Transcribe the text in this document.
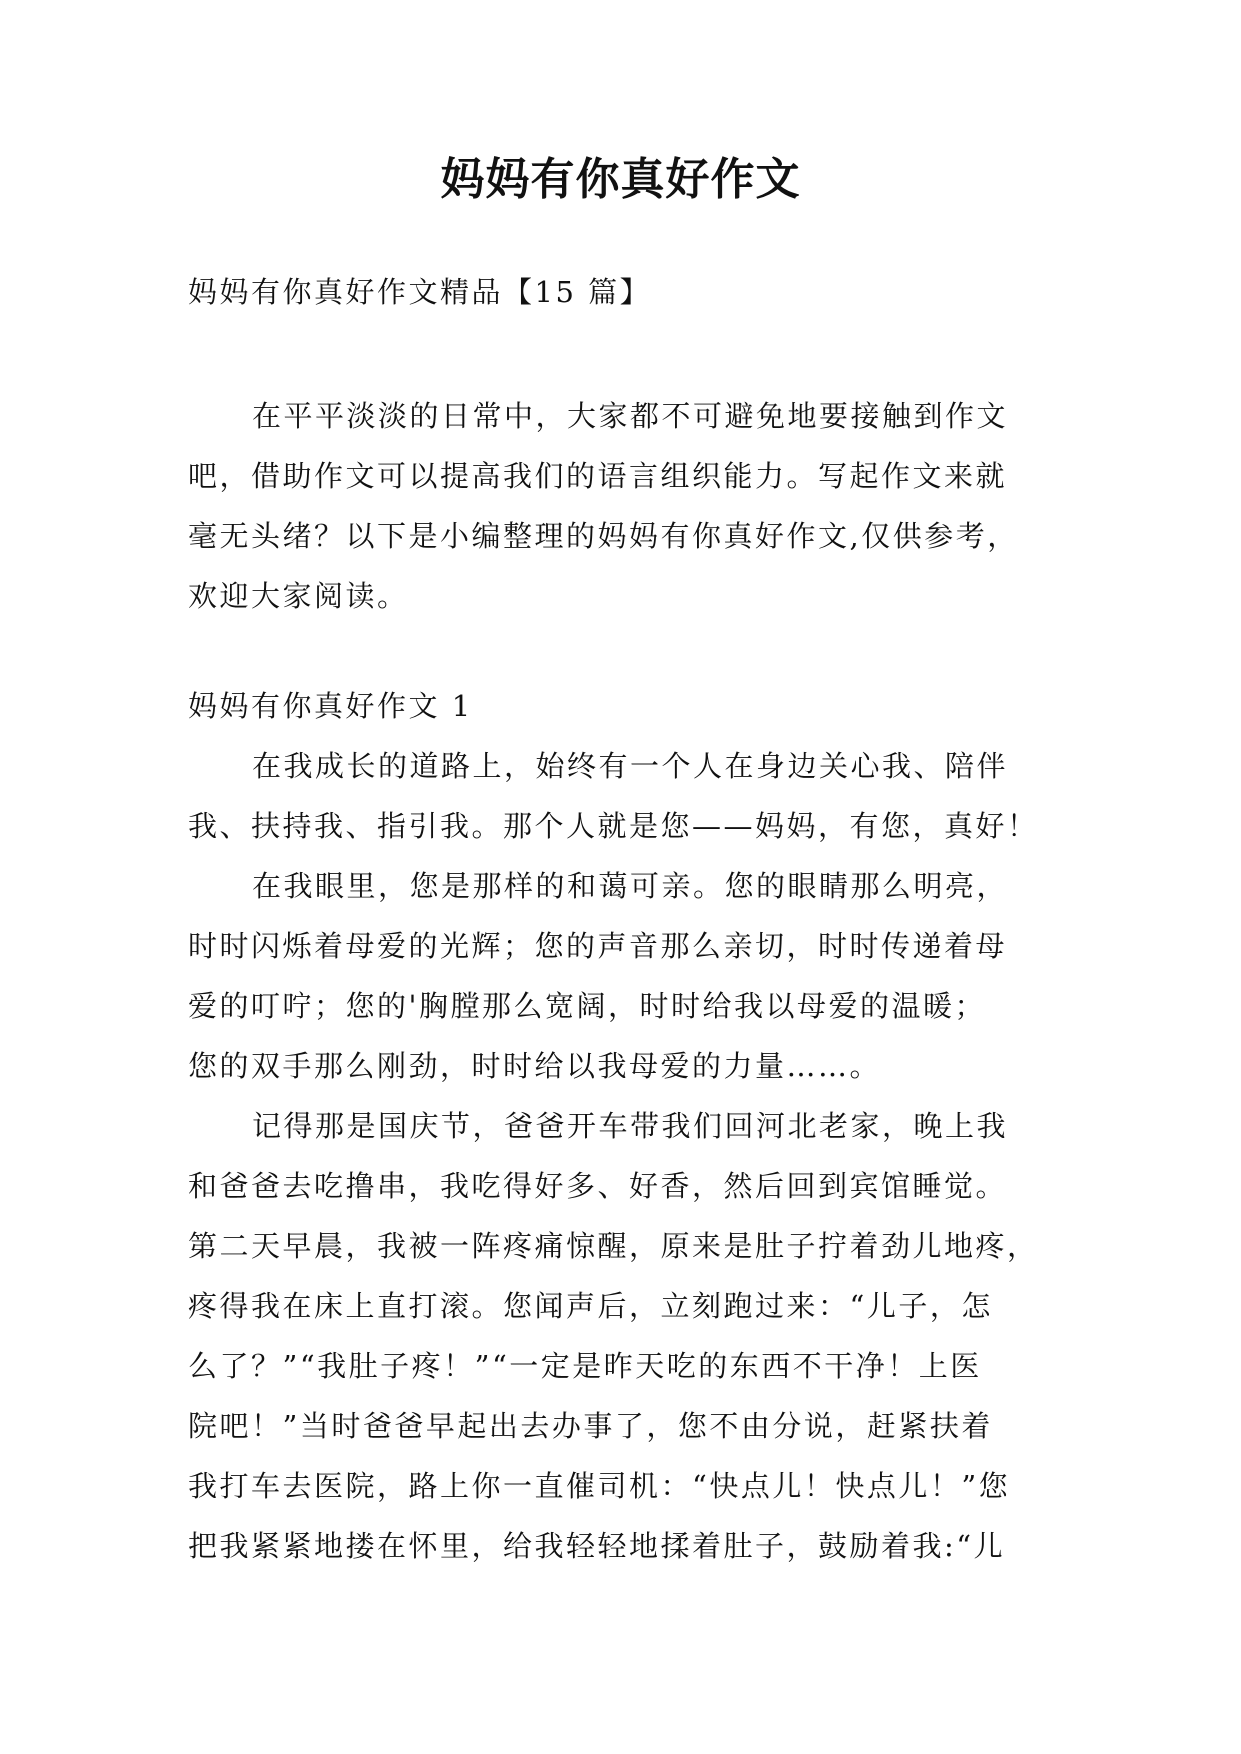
妈妈有你真好作文
妈妈有你真好作文精品【15 篇】
在平平淡淡的日常中，大家都不可避免地要接触到作文
吧，借助作文可以提高我们的语言组织能力。写起作文来就
毫无头绪？以下是小编整理的妈妈有你真好作文,仅供参考，
欢迎大家阅读。
妈妈有你真好作文 1
在我成长的道路上，始终有一个人在身边关心我、陪伴
我、扶持我、指引我。那个人就是您——妈妈，有您，真好！
在我眼里，您是那样的和蔼可亲。您的眼睛那么明亮，
时时闪烁着母爱的光辉；您的声音那么亲切，时时传递着母
爱的叮咛；您的'胸膛那么宽阔，时时给我以母爱的温暖；
您的双手那么刚劲，时时给以我母爱的力量……。
记得那是国庆节，爸爸开车带我们回河北老家，晚上我
和爸爸去吃撸串，我吃得好多、好香，然后回到宾馆睡觉。
第二天早晨，我被一阵疼痛惊醒，原来是肚子拧着劲儿地疼，
疼得我在床上直打滚。您闻声后，立刻跑过来：“儿子，怎
么了？”“我肚子疼！”“一定是昨天吃的东西不干净！上医
院吧！”当时爸爸早起出去办事了，您不由分说，赶紧扶着
我打车去医院，路上你一直催司机：“快点儿！快点儿！”您
把我紧紧地搂在怀里，给我轻轻地揉着肚子，鼓励着我:“儿
